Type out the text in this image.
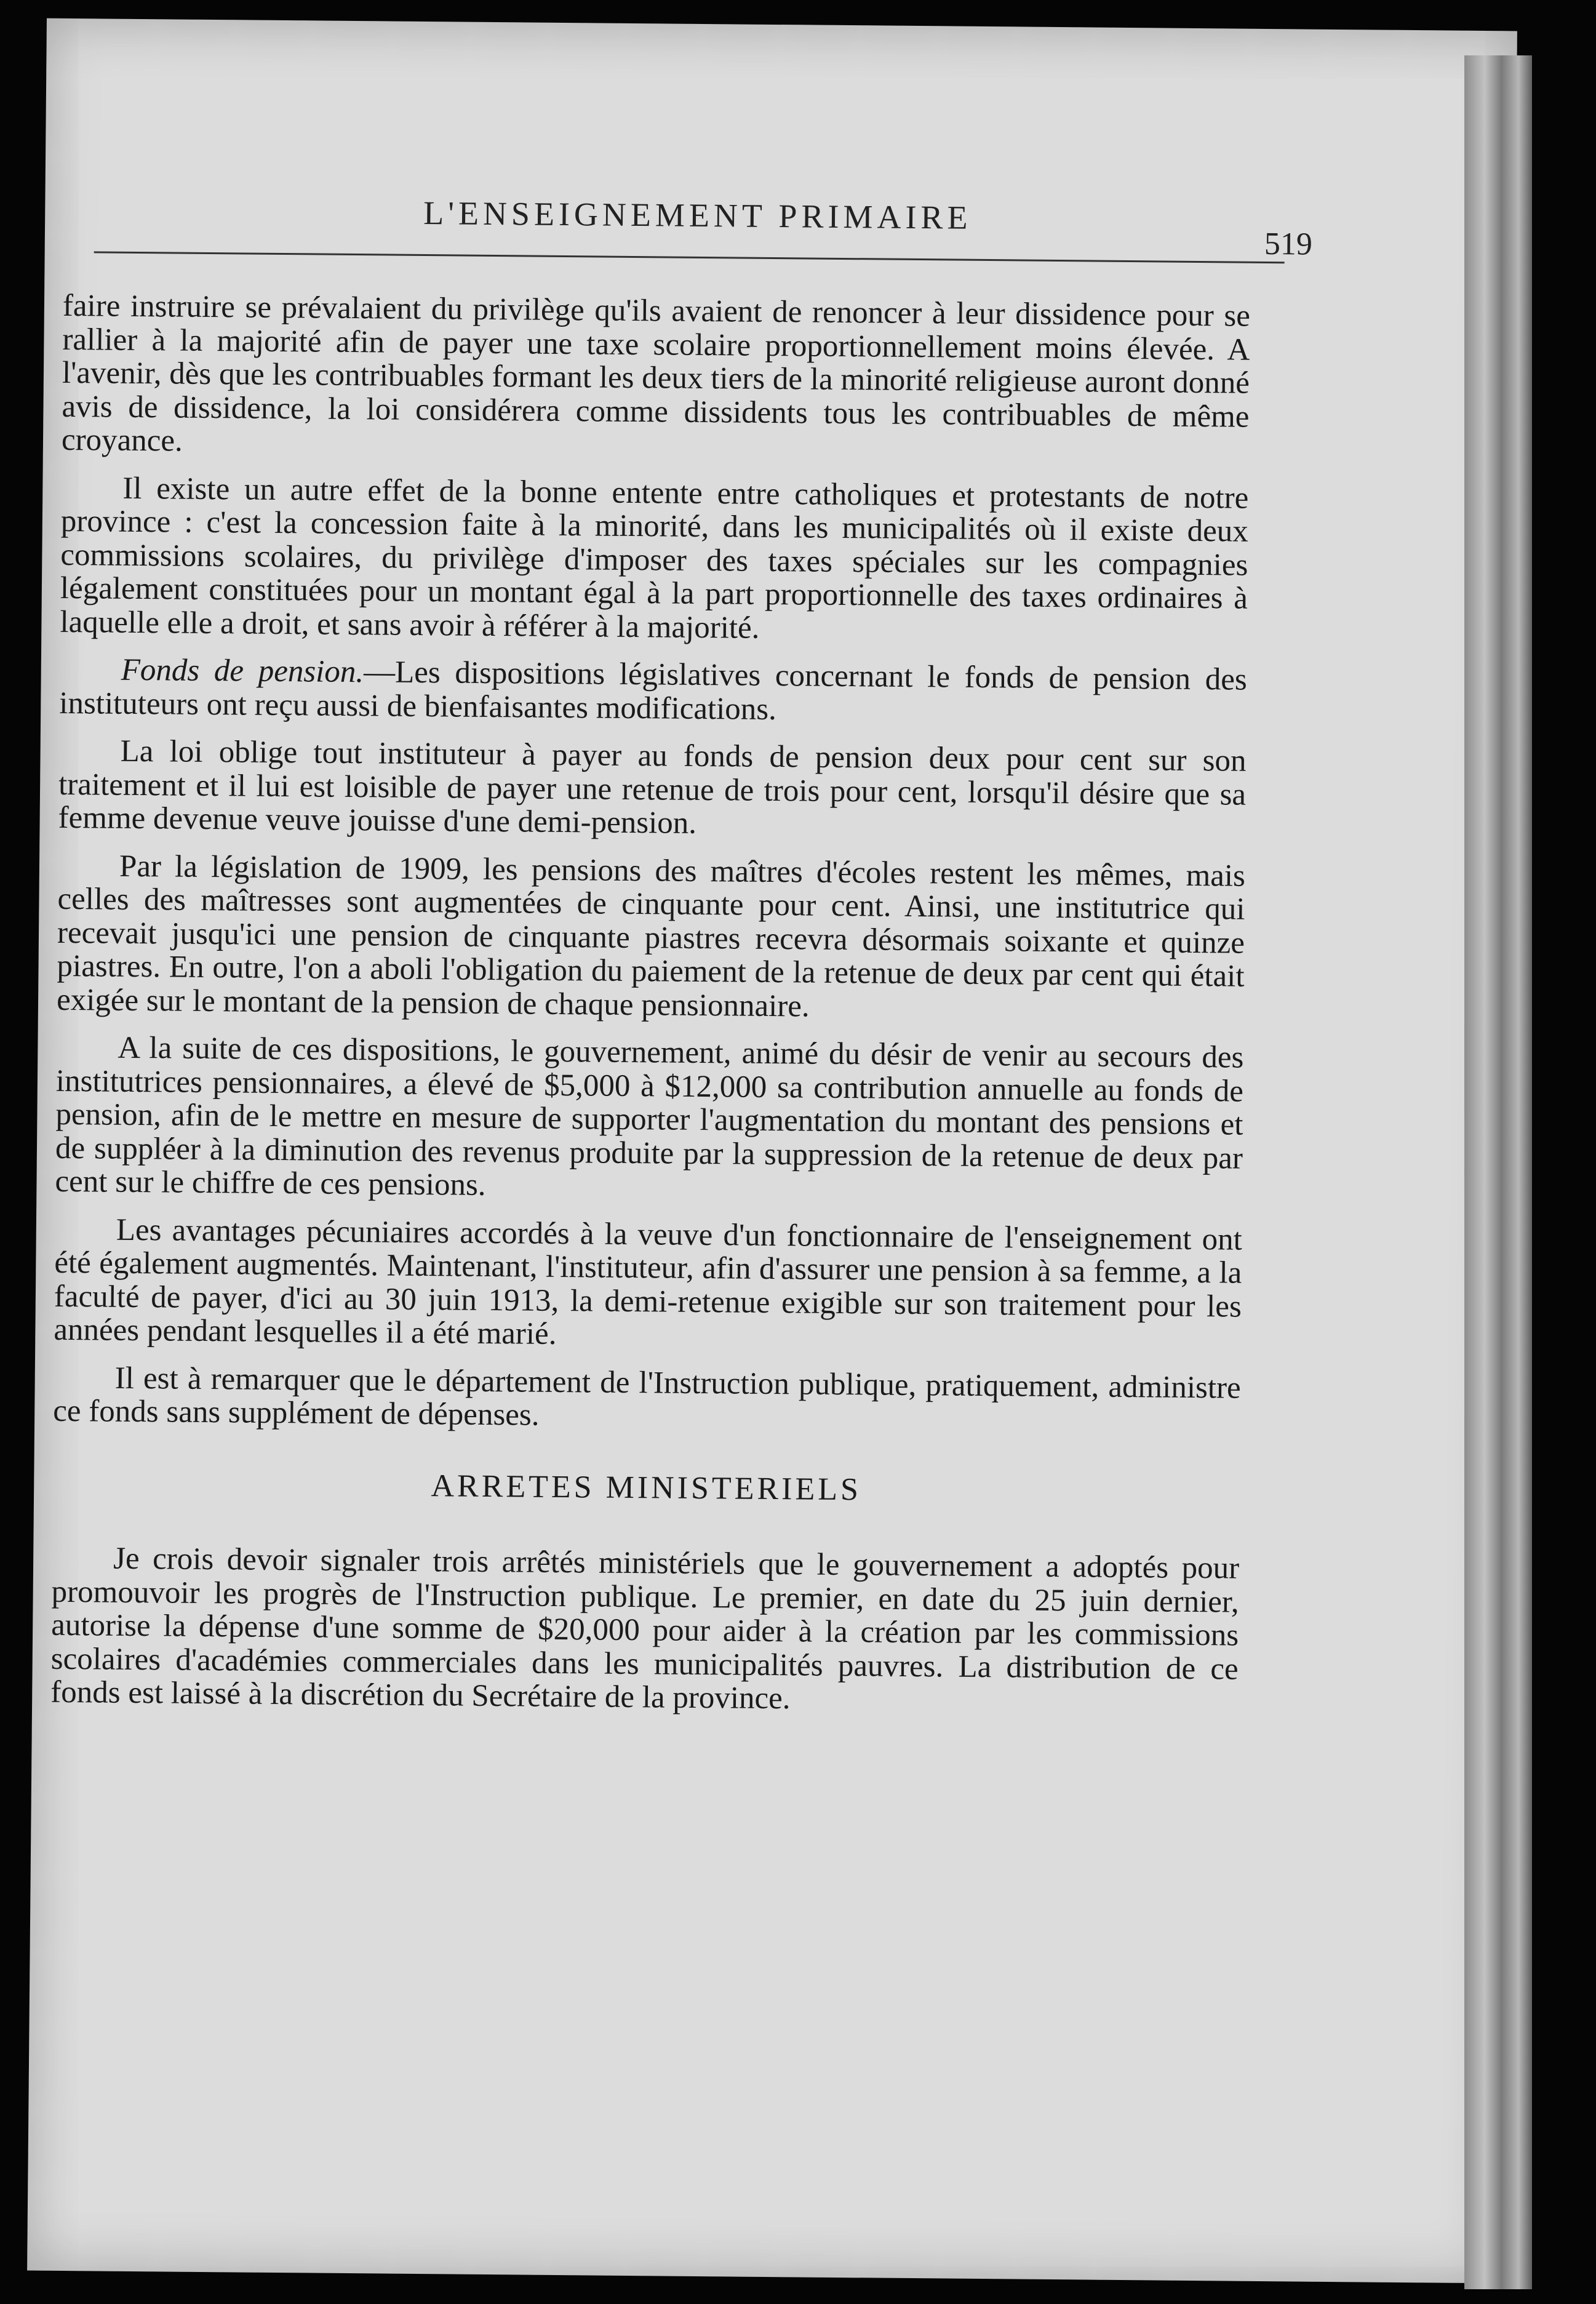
L'ENSEIGNEMENT PRIMAIRE
519

faire instruire se prévalaient du privilège qu'ils avaient de renoncer à leur dissidence pour se rallier à la majorité afin de payer une taxe scolaire proportionnellement moins élevée. A l'avenir, dès que les contribuables formant les deux tiers de la minorité religieuse auront donné avis de dissidence, la loi considérera comme dissidents tous les contribuables de même croyance.

Il existe un autre effet de la bonne entente entre catholiques et protestants de notre province : c'est la concession faite à la minorité, dans les municipalités où il existe deux commissions scolaires, du privilège d'imposer des taxes spéciales sur les compagnies légalement constituées pour un montant égal à la part proportionnelle des taxes ordinaires à laquelle elle a droit, et sans avoir à référer à la majorité.

Fonds de pension.—Les dispositions législatives concernant le fonds de pension des instituteurs ont reçu aussi de bienfaisantes modifications.

La loi oblige tout instituteur à payer au fonds de pension deux pour cent sur son traitement et il lui est loisible de payer une retenue de trois pour cent, lorsqu'il désire que sa femme devenue veuve jouisse d'une demi-pension.

Par la législation de 1909, les pensions des maîtres d'écoles restent les mêmes, mais celles des maîtresses sont augmentées de cinquante pour cent. Ainsi, une institutrice qui recevait jusqu'ici une pension de cinquante piastres recevra désormais soixante et quinze piastres. En outre, l'on a aboli l'obligation du paiement de la retenue de deux par cent qui était exigée sur le montant de la pension de chaque pensionnaire.

A la suite de ces dispositions, le gouvernement, animé du désir de venir au secours des institutrices pensionnaires, a élevé de $5,000 à $12,000 sa contribution annuelle au fonds de pension, afin de le mettre en mesure de supporter l'augmentation du montant des pensions et de suppléer à la diminution des revenus produite par la suppression de la retenue de deux par cent sur le chiffre de ces pensions.

Les avantages pécuniaires accordés à la veuve d'un fonctionnaire de l'enseignement ont été également augmentés. Maintenant, l'instituteur, afin d'assurer une pension à sa femme, a la faculté de payer, d'ici au 30 juin 1913, la demi-retenue exigible sur son traitement pour les années pendant lesquelles il a été marié.

Il est à remarquer que le département de l'Instruction publique, pratiquement, administre ce fonds sans supplément de dépenses.

ARRETES MINISTERIELS

Je crois devoir signaler trois arrêtés ministériels que le gouvernement a adoptés pour promouvoir les progrès de l'Instruction publique. Le premier, en date du 25 juin dernier, autorise la dépense d'une somme de $20,000 pour aider à la création par les commissions scolaires d'académies commerciales dans les municipalités pauvres. La distribution de ce fonds est laissé à la discrétion du Secrétaire de la province.
